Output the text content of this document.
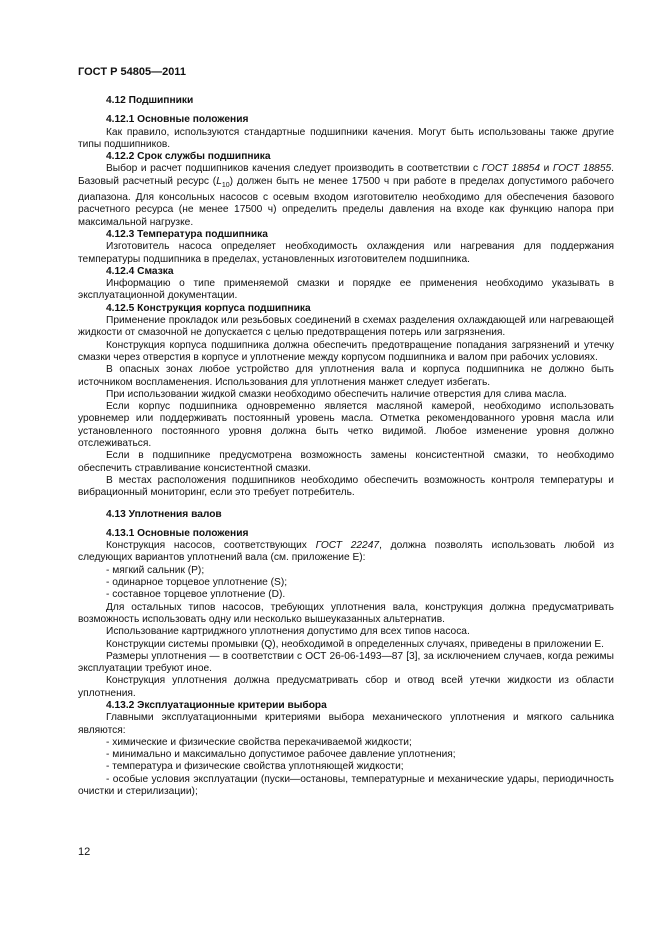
ГОСТ Р 54805—2011
4.12 Подшипники
4.12.1 Основные положения
Как правило, используются стандартные подшипники качения. Могут быть использованы также другие типы подшипников.
4.12.2 Срок службы подшипника
Выбор и расчет подшипников качения следует производить в соответствии с ГОСТ 18854 и ГОСТ 18855. Базовый расчетный ресурс $(L_{10})$ должен быть не менее 17500 ч при работе в пределах допустимого рабочего диапазона. Для консольных насосов с осевым входом изготовителю необходимо для обеспечения базового расчетного ресурса (не менее 17500 ч) определить пределы давления на входе как функцию напора при максимальной нагрузке.
4.12.3 Температура подшипника
Изготовитель насоса определяет необходимость охлаждения или нагревания для поддержания температуры подшипника в пределах, установленных изготовителем подшипника.
4.12.4 Смазка
Информацию о типе применяемой смазки и порядке ее применения необходимо указывать в эксплуатационной документации.
4.12.5 Конструкция корпуса подшипника
Применение прокладок или резьбовых соединений в схемах разделения охлаждающей или нагревающей жидкости от смазочной не допускается с целью предотвращения потерь или загрязнения.
Конструкция корпуса подшипника должна обеспечить предотвращение попадания загрязнений и утечку смазки через отверстия в корпусе и уплотнение между корпусом подшипника и валом при рабочих условиях.
В опасных зонах любое устройство для уплотнения вала и корпуса подшипника не должно быть источником воспламенения. Использования для уплотнения манжет следует избегать.
При использовании жидкой смазки необходимо обеспечить наличие отверстия для слива масла.
Если корпус подшипника одновременно является масляной камерой, необходимо использовать уровнемер или поддерживать постоянный уровень масла. Отметка рекомендованного уровня масла или установленного постоянного уровня должна быть четко видимой. Любое изменение уровня должно отслеживаться.
Если в подшипнике предусмотрена возможность замены консистентной смазки, то необходимо обеспечить стравливание консистентной смазки.
В местах расположения подшипников необходимо обеспечить возможность контроля температуры и вибрационный мониторинг, если это требует потребитель.
4.13 Уплотнения валов
4.13.1 Основные положения
Конструкция насосов, соответствующих ГОСТ 22247, должна позволять использовать любой из следующих вариантов уплотнений вала (см. приложение Е):
- мягкий сальник (P);
- одинарное торцевое уплотнение (S);
- составное торцевое уплотнение (D).
Для остальных типов насосов, требующих уплотнения вала, конструкция должна предусматривать возможность использовать одну или несколько вышеуказанных альтернатив.
Использование картриджного уплотнения допустимо для всех типов насоса.
Конструкции системы промывки (Q), необходимой в определенных случаях, приведены в приложении Е.
Размеры уплотнения — в соответствии с ОСТ 26-06-1493—87 [3], за исключением случаев, когда режимы эксплуатации требуют иное.
Конструкция уплотнения должна предусматривать сбор и отвод всей утечки жидкости из области уплотнения.
4.13.2 Эксплуатационные критерии выбора
Главными эксплуатационными критериями выбора механического уплотнения и мягкого сальника являются:
- химические и физические свойства перекачиваемой жидкости;
- минимально и максимально допустимое рабочее давление уплотнения;
- температура и физические свойства уплотняющей жидкости;
- особые условия эксплуатации (пуски—остановы, температурные и механические удары, периодичность очистки и стерилизации);
12
